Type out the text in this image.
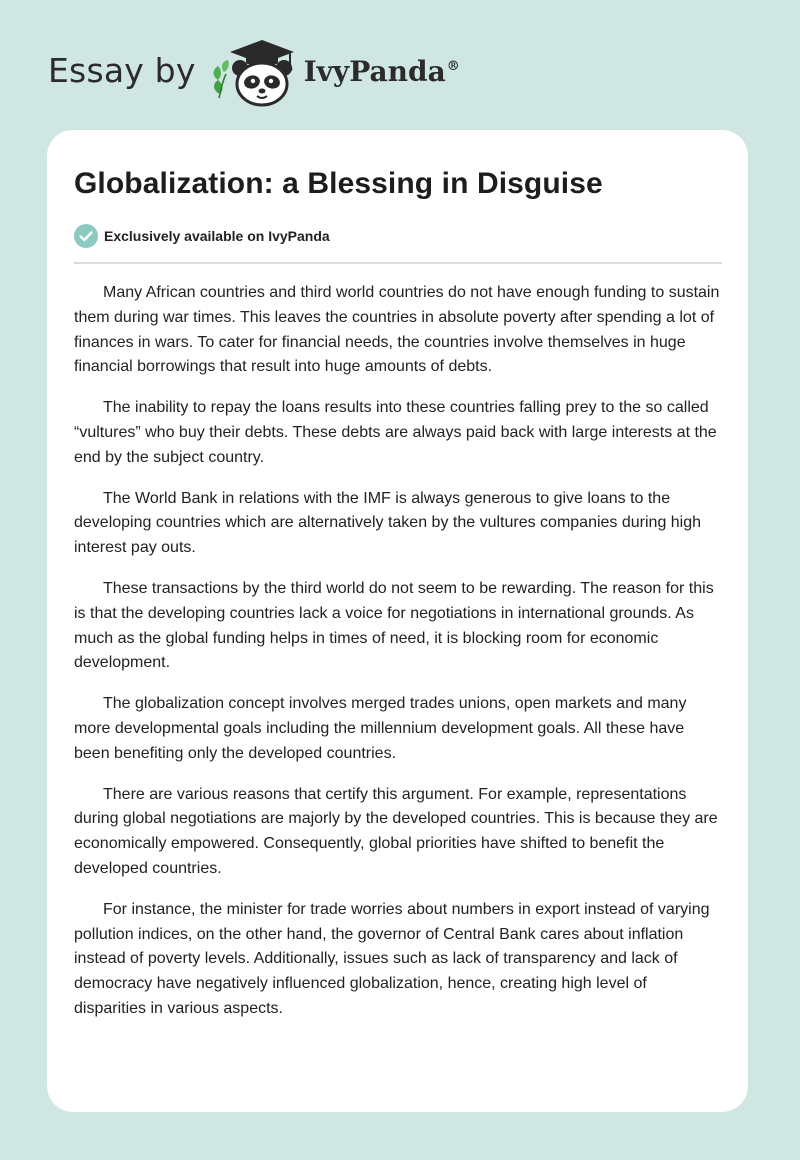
Essay by	IvyPanda®
Globalization: a Blessing in Disguise
Exclusively available on IvyPanda

Many African countries and third world countries do not have enough funding to sustain them during war times. This leaves the countries in absolute poverty after spending a lot of finances in wars. To cater for financial needs, the countries involve themselves in huge financial borrowings that result into huge amounts of debts.

The inability to repay the loans results into these countries falling prey to the so called “vultures” who buy their debts. These debts are always paid back with large interests at the end by the subject country.

The World Bank in relations with the IMF is always generous to give loans to the developing countries which are alternatively taken by the vultures companies during high interest pay outs.

These transactions by the third world do not seem to be rewarding. The reason for this is that the developing countries lack a voice for negotiations in international grounds. As much as the global funding helps in times of need, it is blocking room for economic development.

The globalization concept involves merged trades unions, open markets and many more developmental goals including the millennium development goals. All these have been benefiting only the developed countries.

There are various reasons that certify this argument. For example, representations during global negotiations are majorly by the developed countries. This is because they are economically empowered. Consequently, global priorities have shifted to benefit the developed countries.

For instance, the minister for trade worries about numbers in export instead of varying pollution indices, on the other hand, the governor of Central Bank cares about inflation instead of poverty levels. Additionally, issues such as lack of transparency and lack of democracy have negatively influenced globalization, hence, creating high level of disparities in various aspects.
